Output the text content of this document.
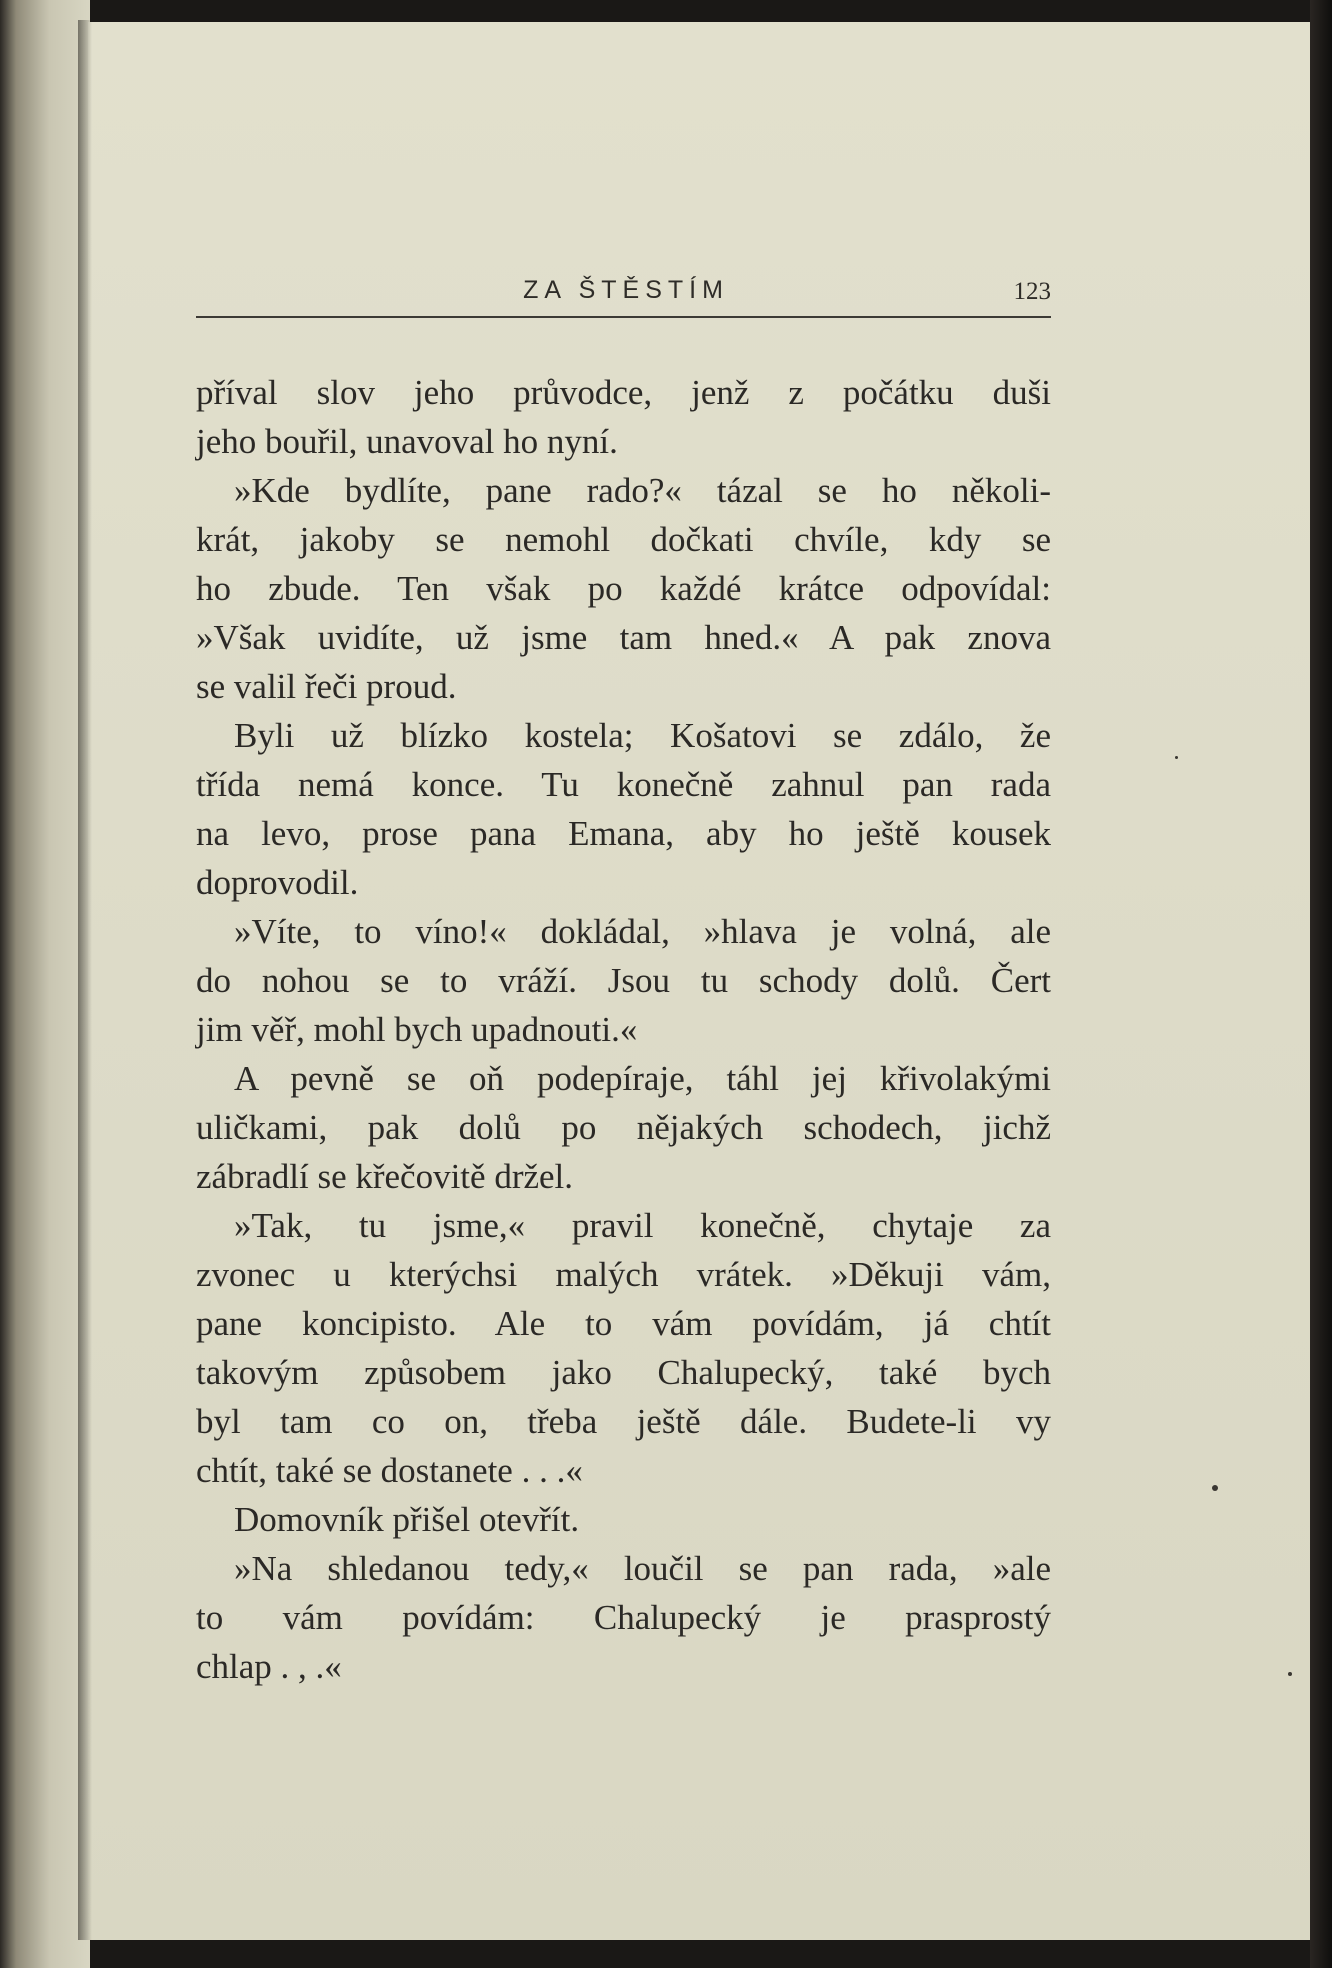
ZA ŠTĚSTÍM	123
příval slov jeho průvodce, jenž z počátku duši
jeho bouřil, unavoval ho nyní.
»Kde bydlíte, pane rado?« tázal se ho několi-
krát, jakoby se nemohl dočkati chvíle, kdy se
ho zbude. Ten však po každé krátce odpovídal:
»Však uvidíte, už jsme tam hned.« A pak znova
se valil řeči proud.
Byli už blízko kostela; Košatovi se zdálo, že
třída nemá konce. Tu konečně zahnul pan rada
na levo, prose pana Emana, aby ho ještě kousek
doprovodil.
»Víte, to víno!« dokládal, »hlava je volná, ale
do nohou se to vráží. Jsou tu schody dolů. Čert
jim věř, mohl bych upadnouti.«
A pevně se oň podepíraje, táhl jej křivolakými
uličkami, pak dolů po nějakých schodech, jichž
zábradlí se křečovitě držel.
»Tak, tu jsme,« pravil konečně, chytaje za
zvonec u kterýchsi malých vrátek. »Děkuji vám,
pane koncipisto. Ale to vám povídám, já chtít
takovým způsobem jako Chalupecký, také bych
byl tam co on, třeba ještě dále. Budete-li vy
chtít, také se dostanete . . .«
Domovník přišel otevřít.
»Na shledanou tedy,« loučil se pan rada, »ale
to vám povídám: Chalupecký je prasprostý
chlap . , .«
